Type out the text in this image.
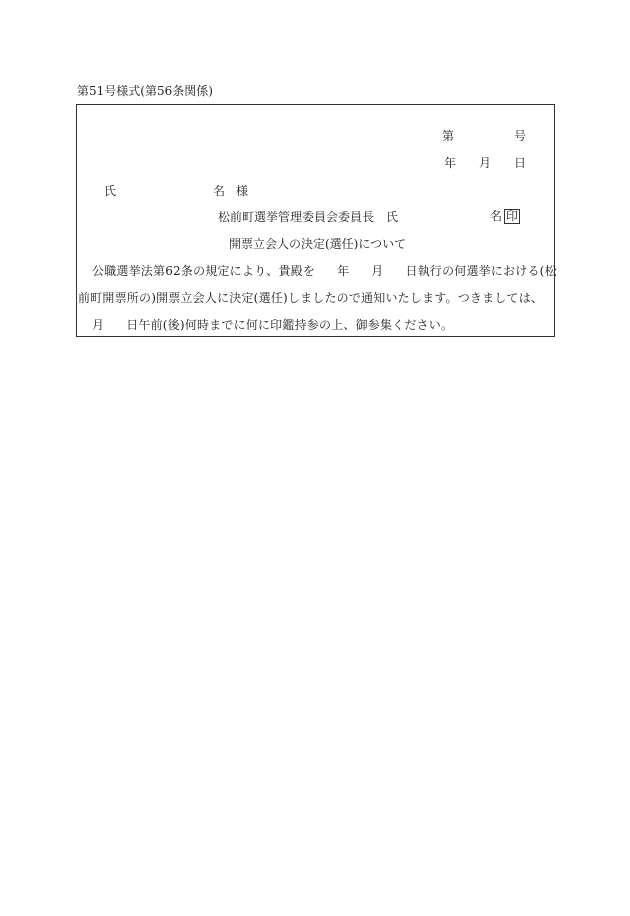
第51号様式(第56条関係)
第	号
年 月 日
氏	名 様
松前町選挙管理委員会委員長 氏	名 印
開票立会人の決定(選任)について
公職選挙法第62条の規定により、貴殿を 年 月 日執行の何選挙における(松
前町開票所の)開票立会人に決定(選任)しましたので通知いたします。つきましては、
月 日午前(後)何時までに何に印鑑持参の上、御参集ください。
